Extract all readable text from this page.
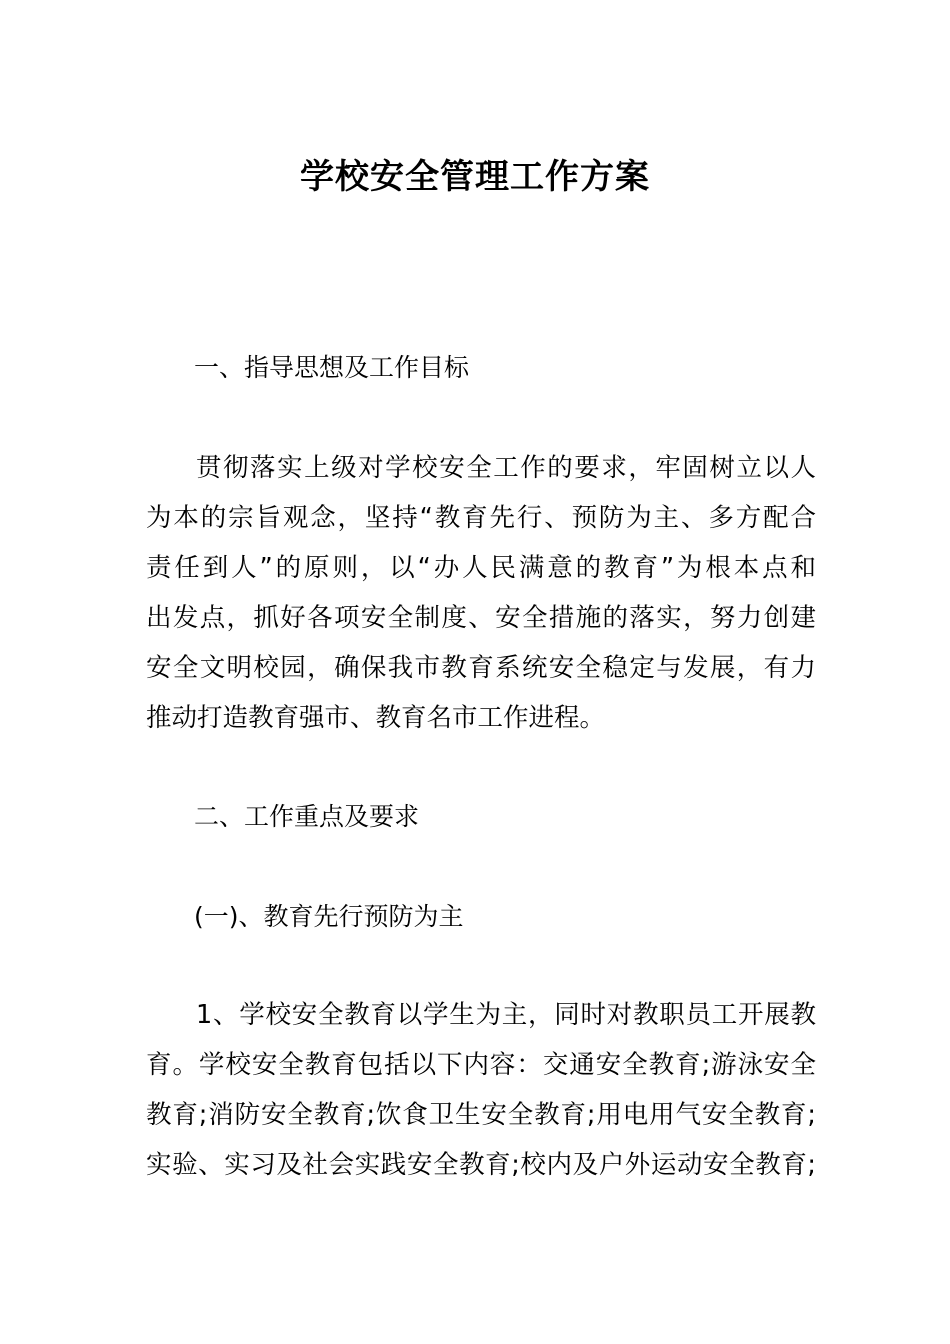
学校安全管理工作方案
一、指导思想及工作目标
贯彻落实上级对学校安全工作的要求，牢固树立以人
为本的宗旨观念，坚持“教育先行、预防为主、多方配合
责任到人”的原则，以“办人民满意的教育”为根本点和
出发点，抓好各项安全制度、安全措施的落实，努力创建
安全文明校园，确保我市教育系统安全稳定与发展，有力
推动打造教育强市、教育名市工作进程。
二、工作重点及要求
(一)、教育先行预防为主
1、学校安全教育以学生为主，同时对教职员工开展教
育。学校安全教育包括以下内容：交通安全教育;游泳安全
教育;消防安全教育;饮食卫生安全教育;用电用气安全教育;
实验、实习及社会实践安全教育;校内及户外运动安全教育;
